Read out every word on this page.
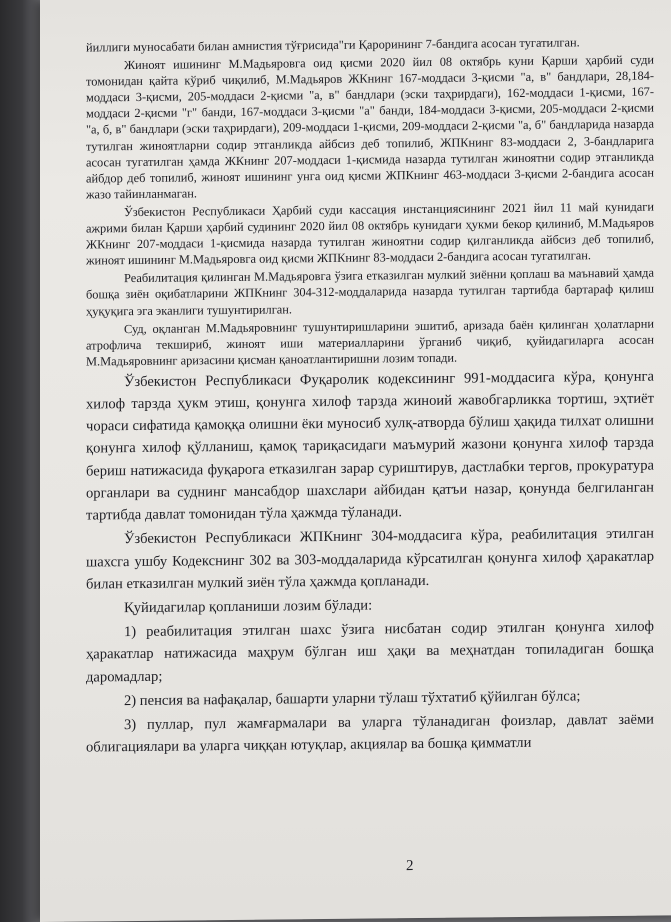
йиллиги муносабати билан амнистия тўғрисида"ги Қарорининг 7-бандига асосан тугатилган.

Жиноят ишининг М.Мадьяровга оид қисми 2020 йил 08 октябрь куни Қарши ҳарбий суди томонидан қайта кўриб чиқилиб, М.Мадьяров ЖКнинг 167-моддаси 3-қисми "а, в" бандлари, 28,184-моддаси 3-қисми, 205-моддаси 2-қисми "а, в" бандлари (эски таҳрирдаги), 162-моддаси 1-қисми, 167-моддаси 2-қисми "г" банди, 167-моддаси 3-қисми "а" банди, 184-моддаси 3-қисми, 205-моддаси 2-қисми "а, б, в" бандлари (эски таҳрирдаги), 209-моддаси 1-қисми, 209-моддаси 2-қисми "а, б" бандларида назарда тутилган жиноятларни содир этганликда айбсиз деб топилиб, ЖПКнинг 83-моддаси 2, 3-бандларига асосан тугатилган ҳамда ЖКнинг 207-моддаси 1-қисмида назарда тутилган жиноятни содир этганликда айбдор деб топилиб, жиноят ишининг унга оид қисми ЖПКнинг 463-моддаси 3-қисми 2-бандига асосан жазо тайинланмаган.

Ўзбекистон Республикаси Ҳарбий суди кассация инстанциясининг 2021 йил 11 май кунидаги ажрими билан Қарши ҳарбий судининг 2020 йил 08 октябрь кунидаги ҳукми бекор қилиниб, М.Мадьяров ЖКнинг 207-моддаси 1-қисмида назарда тутилган жиноятни содир қилганликда айбсиз деб топилиб, жиноят ишининг М.Мадьяровга оид қисми ЖПКнинг 83-моддаси 2-бандига асосан тугатилган.

Реабилитация қилинган М.Мадьяровга ўзига етказилган мулкий зиённи қоплаш ва маънавий ҳамда бошқа зиён оқибатларини ЖПКнинг 304-312-моддаларида назарда тутилган тартибда бартараф қилиш ҳуқуқига эга эканлиги тушунтирилган.

Суд, оқланган М.Мадьяровнинг тушунтиришларини эшитиб, аризада баён қилинган ҳолатларни атрофлича текшириб, жиноят иши материалларини ўрганиб чиқиб, қуйидагиларга асосан М.Мадьяровнинг аризасини қисман қаноатлантиришни лозим топади.

Ўзбекистон Республикаси Фуқаролик кодексининг 991-моддасига кўра, қонунга хилоф тарзда ҳукм этиш, қонунга хилоф тарзда жиноий жавобгарликка тортиш, эҳтиёт чораси сифатида қамоққа олишни ёки муносиб хулқ-атворда бўлиш ҳақида тилхат олишни қонунга хилоф қўлланиш, қамоқ тариқасидаги маъмурий жазони қонунга хилоф тарзда бериш натижасида фуқарога етказилган зарар суриштирув, дастлабки тергов, прокуратура органлари ва суднинг мансабдор шахслари айбидан қатъи назар, қонунда белгиланган тартибда давлат томонидан тўла ҳажмда тўланади.

Ўзбекистон Республикаси ЖПКнинг 304-моддасига кўра, реабилитация этилган шахсга ушбу Кодекснинг 302 ва 303-моддаларида кўрсатилган қонунга хилоф ҳаракатлар билан етказилган мулкий зиён тўла ҳажмда қопланади.

Қуйидагилар қопланиши лозим бўлади:

1) реабилитация этилган шахс ўзига нисбатан содир этилган қонунга хилоф ҳаракатлар натижасида маҳрум бўлган иш ҳақи ва меҳнатдан топиладиган бошқа даромадлар;

2) пенсия ва нафақалар, башарти уларни тўлаш тўхтатиб қўйилган бўлса;

3) пуллар, пул жамғармалари ва уларга тўланадиган фоизлар, давлат заёми облигациялари ва уларга чиққан ютуқлар, акциялар ва бошқа қимматли

2
